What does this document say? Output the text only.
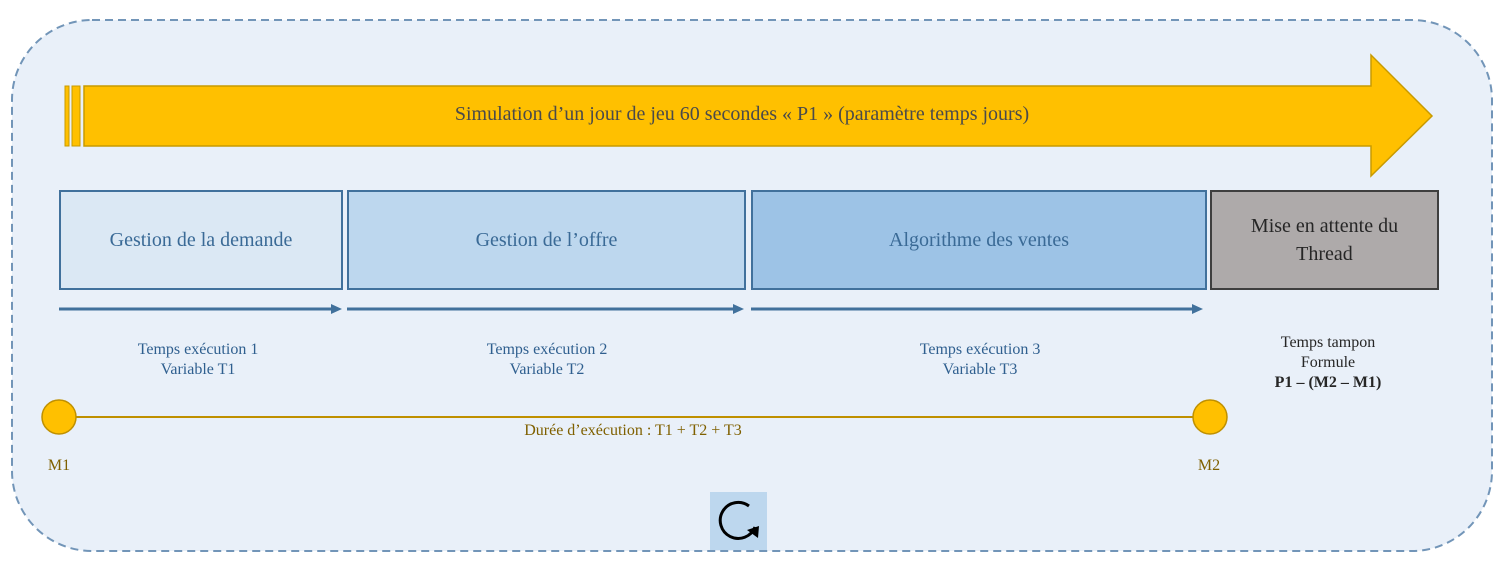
Simulation d’un jour de jeu 60 secondes « P1 » (paramètre temps jours)
Gestion de la demande	Gestion de l’offre	Algorithme des ventes
Mise en attente du Thread
Temps exécution 1
Variable T1
Temps exécution 2
Variable T2
Temps exécution 3
Variable T3
Temps tampon
Formule
P1 – (M2 – M1)
Durée d’exécution : T1 + T2 + T3
M1	M2
